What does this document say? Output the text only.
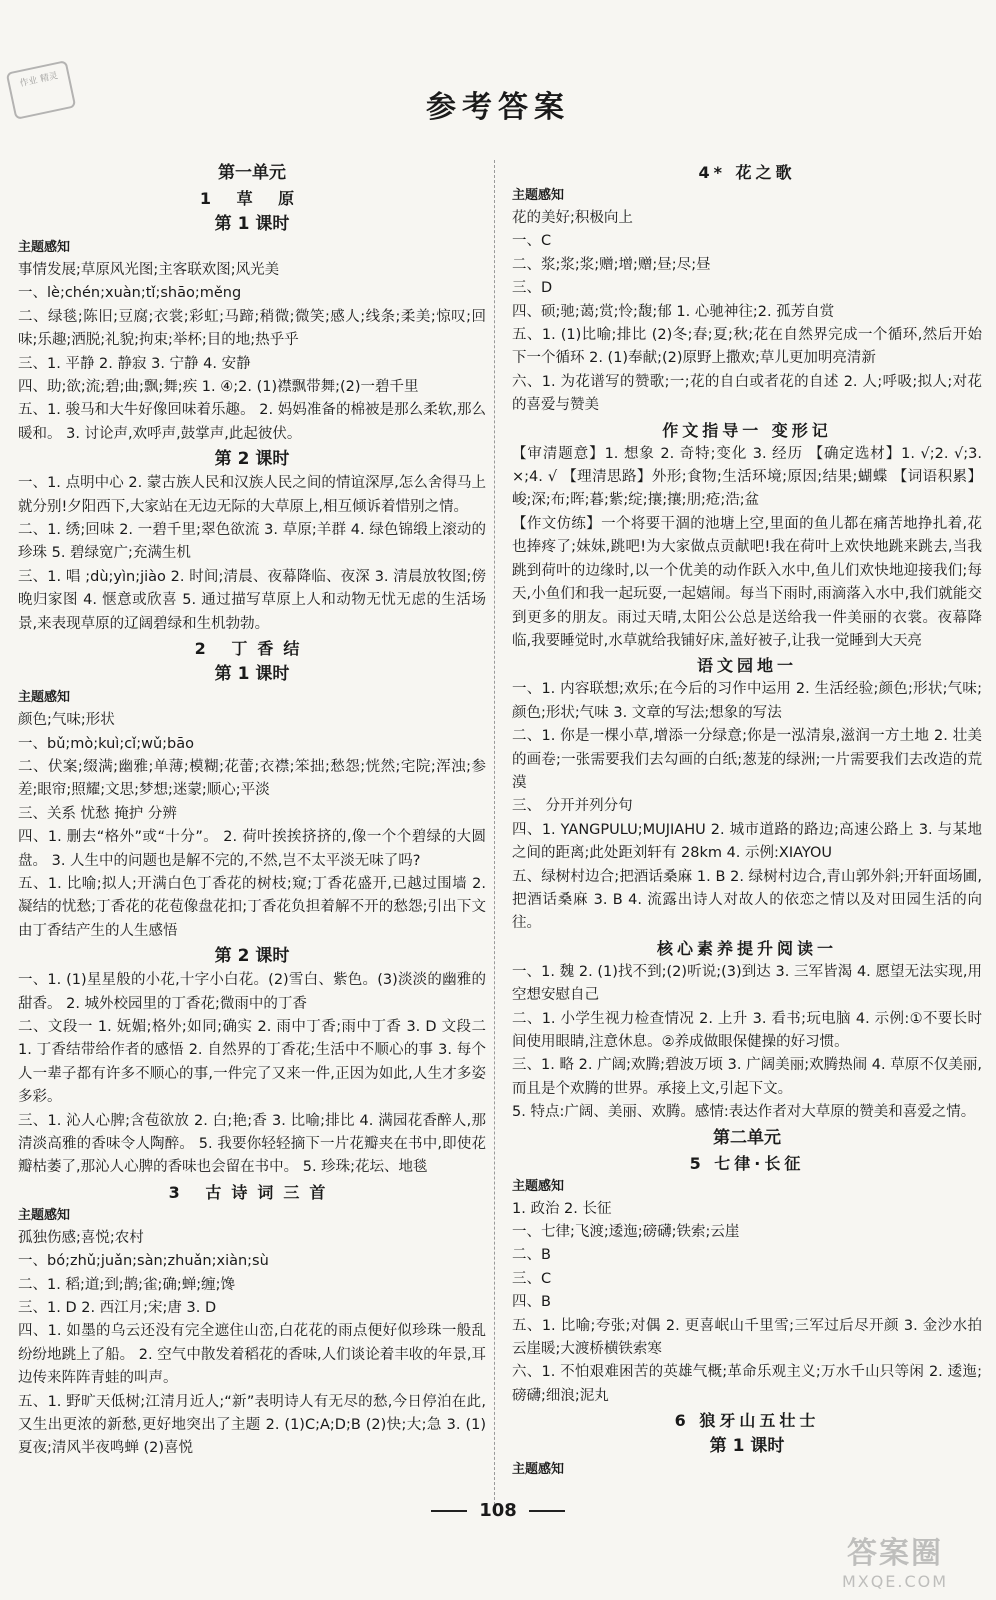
作业 精灵
参考答案
第一单元
1 草 原
第 1 课时
主题感知
事情发展;草原风光图;主客联欢图;风光美
一、lè;chén;xuàn;tǐ;shāo;měng
二、绿毯;陈旧;豆腐;衣裳;彩虹;马蹄;稍微;微笑;感人;线条;柔美;惊叹;回味;乐趣;洒脱;礼貌;拘束;举杯;目的地;热乎乎
三、1. 平静 2. 静寂 3. 宁静 4. 安静
四、助;欲;流;碧;曲;飘;舞;疾 1. ④;2. (1)襟飘带舞;(2)一碧千里
五、1. 骏马和大牛好像回味着乐趣。 2. 妈妈准备的棉被是那么柔软,那么暖和。 3. 讨论声,欢呼声,鼓掌声,此起彼伏。
第 2 课时
一、1. 点明中心 2. 蒙古族人民和汉族人民之间的情谊深厚,怎么舍得马上就分别!夕阳西下,大家站在无边无际的大草原上,相互倾诉着惜别之情。
二、1. 绣;回味 2. 一碧千里;翠色欲流 3. 草原;羊群 4. 绿色锦缎上滚动的珍珠 5. 碧绿宽广;充满生机
三、1. 唱 ;dù;yìn;jiào 2. 时间;清晨、夜幕降临、夜深 3. 清晨放牧图;傍晚归家图 4. 惬意或欣喜 5. 通过描写草原上人和动物无忧无虑的生活场景,来表现草原的辽阔碧绿和生机勃勃。
2 丁香结
第 1 课时
主题感知
颜色;气味;形状
一、bǔ;mò;kuì;cǐ;wǔ;bāo
二、伏案;缀满;幽雅;单薄;模糊;花蕾;衣襟;笨拙;愁怨;恍然;宅院;浑浊;参差;眼帘;照耀;文思;梦想;迷蒙;顺心;平淡
三、关系 忧愁 掩护 分辨
四、1. 删去“格外”或“十分”。 2. 荷叶挨挨挤挤的,像一个个碧绿的大圆盘。 3. 人生中的问题也是解不完的,不然,岂不太平淡无味了吗?
五、1. 比喻;拟人;开满白色丁香花的树枝;窥;丁香花盛开,已越过围墙 2. 凝结的忧愁;丁香花的花苞像盘花扣;丁香花负担着解不开的愁怨;引出下文由丁香结产生的人生感悟
第 2 课时
一、1. (1)星星般的小花,十字小白花。(2)雪白、紫色。(3)淡淡的幽雅的甜香。 2. 城外校园里的丁香花;微雨中的丁香
二、文段一 1. 妩媚;格外;如同;确实 2. 雨中丁香;雨中丁香 3. D 文段二 1. 丁香结带给作者的感悟 2. 自然界的丁香花;生活中不顺心的事 3. 每个人一辈子都有许多不顺心的事,一件完了又来一件,正因为如此,人生才多姿多彩。
三、1. 沁人心脾;含苞欲放 2. 白;艳;香 3. 比喻;排比 4. 满园花香醉人,那清淡高雅的香味令人陶醉。 5. 我要你轻轻摘下一片花瓣夹在书中,即使花瓣枯萎了,那沁人心脾的香味也会留在书中。 5. 珍珠;花坛、地毯
3 古诗词三首
主题感知
孤独伤感;喜悦;农村
一、bó;zhǔ;juǎn;sàn;zhuǎn;xiàn;sù
二、1. 稻;道;到;鹊;雀;确;蝉;缠;馋
三、1. D 2. 西江月;宋;唐 3. D
四、1. 如墨的乌云还没有完全遮住山峦,白花花的雨点便好似珍珠一般乱纷纷地跳上了船。 2. 空气中散发着稻花的香味,人们谈论着丰收的年景,耳边传来阵阵青蛙的叫声。
五、1. 野旷天低树;江清月近人;“新”表明诗人有无尽的愁,今日停泊在此,又生出更浓的新愁,更好地突出了主题 2. (1)C;A;D;B (2)快;大;急 3. (1)夏夜;清风半夜鸣蝉 (2)喜悦
4* 花之歌
主题感知
花的美好;积极向上
一、C
二、浆;浆;浆;赠;增;赠;昼;尽;昼
三、D
四、硕;驰;蔼;赏;怜;馥;郁 1. 心驰神往;2. 孤芳自赏
五、1. (1)比喻;排比 (2)冬;春;夏;秋;花在自然界完成一个循环,然后开始下一个循环 2. (1)奉献;(2)原野上撒欢;草儿更加明亮清新
六、1. 为花谱写的赞歌;一;花的自白或者花的自述 2. 人;呼吸;拟人;对花的喜爱与赞美
作文指导一 变形记
【审清题意】1. 想象 2. 奇特;变化 3. 经历 【确定选材】1. √;2. √;3. ×;4. √ 【理清思路】外形;食物;生活环境;原因;结果;蝴蝶 【词语积累】峻;深;布;晖;暮;紫;绽;攘;攘;朋;疮;浩;盆
【作文仿练】一个将要干涸的池塘上空,里面的鱼儿都在痛苦地挣扎着,花也捧疼了;妹妹,跳吧!为大家做点贡献吧!我在荷叶上欢快地跳来跳去,当我跳到荷叶的边缘时,以一个优美的动作跃入水中,鱼儿们欢快地迎接我们;每天,小鱼们和我一起玩耍,一起嬉闹。每当下雨时,雨滴落入水中,我们就能交到更多的朋友。雨过天晴,太阳公公总是送给我一件美丽的衣裳。夜幕降临,我要睡觉时,水草就给我铺好床,盖好被子,让我一觉睡到大天亮
语文园地一
一、1. 内容联想;欢乐;在今后的习作中运用 2. 生活经验;颜色;形状;气味;颜色;形状;气味 3. 文章的写法;想象的写法
二、1. 你是一棵小草,增添一分绿意;你是一泓清泉,滋润一方土地 2. 壮美的画卷;一张需要我们去勾画的白纸;葱茏的绿洲;一片需要我们去改造的荒漠
三、 分开并列分句
四、1. YANGPULU;MUJIAHU 2. 城市道路的路边;高速公路上 3. 与某地之间的距离;此处距刘轩有 28km 4. 示例:XIAYOU
五、绿树村边合;把酒话桑麻 1. B 2. 绿树村边合,青山郭外斜;开轩面场圃,把酒话桑麻 3. B 4. 流露出诗人对故人的依恋之情以及对田园生活的向往。
核心素养提升阅读一
一、1. 魏 2. (1)找不到;(2)听说;(3)到达 3. 三军皆渴 4. 愿望无法实现,用空想安慰自己
二、1. 小学生视力检查情况 2. 上升 3. 看书;玩电脑 4. 示例:①不要长时间使用眼睛,注意休息。②养成做眼保健操的好习惯。
三、1. 略 2. 广阔;欢腾;碧波万顷 3. 广阔美丽;欢腾热闹 4. 草原不仅美丽,而且是个欢腾的世界。承接上文,引起下文。
5. 特点:广阔、美丽、欢腾。感情:表达作者对大草原的赞美和喜爱之情。
第二单元
5 七律·长征
主题感知
1. 政治 2. 长征
一、七律;飞渡;逶迤;磅礴;铁索;云崖
二、B
三、C
四、B
五、1. 比喻;夸张;对偶 2. 更喜岷山千里雪;三军过后尽开颜 3. 金沙水拍云崖暖;大渡桥横铁索寒
六、1. 不怕艰难困苦的英雄气概;革命乐观主义;万水千山只等闲 2. 逶迤;磅礴;细浪;泥丸
6 狼牙山五壮士
第 1 课时
主题感知
108
答案圈
MXQE.COM
